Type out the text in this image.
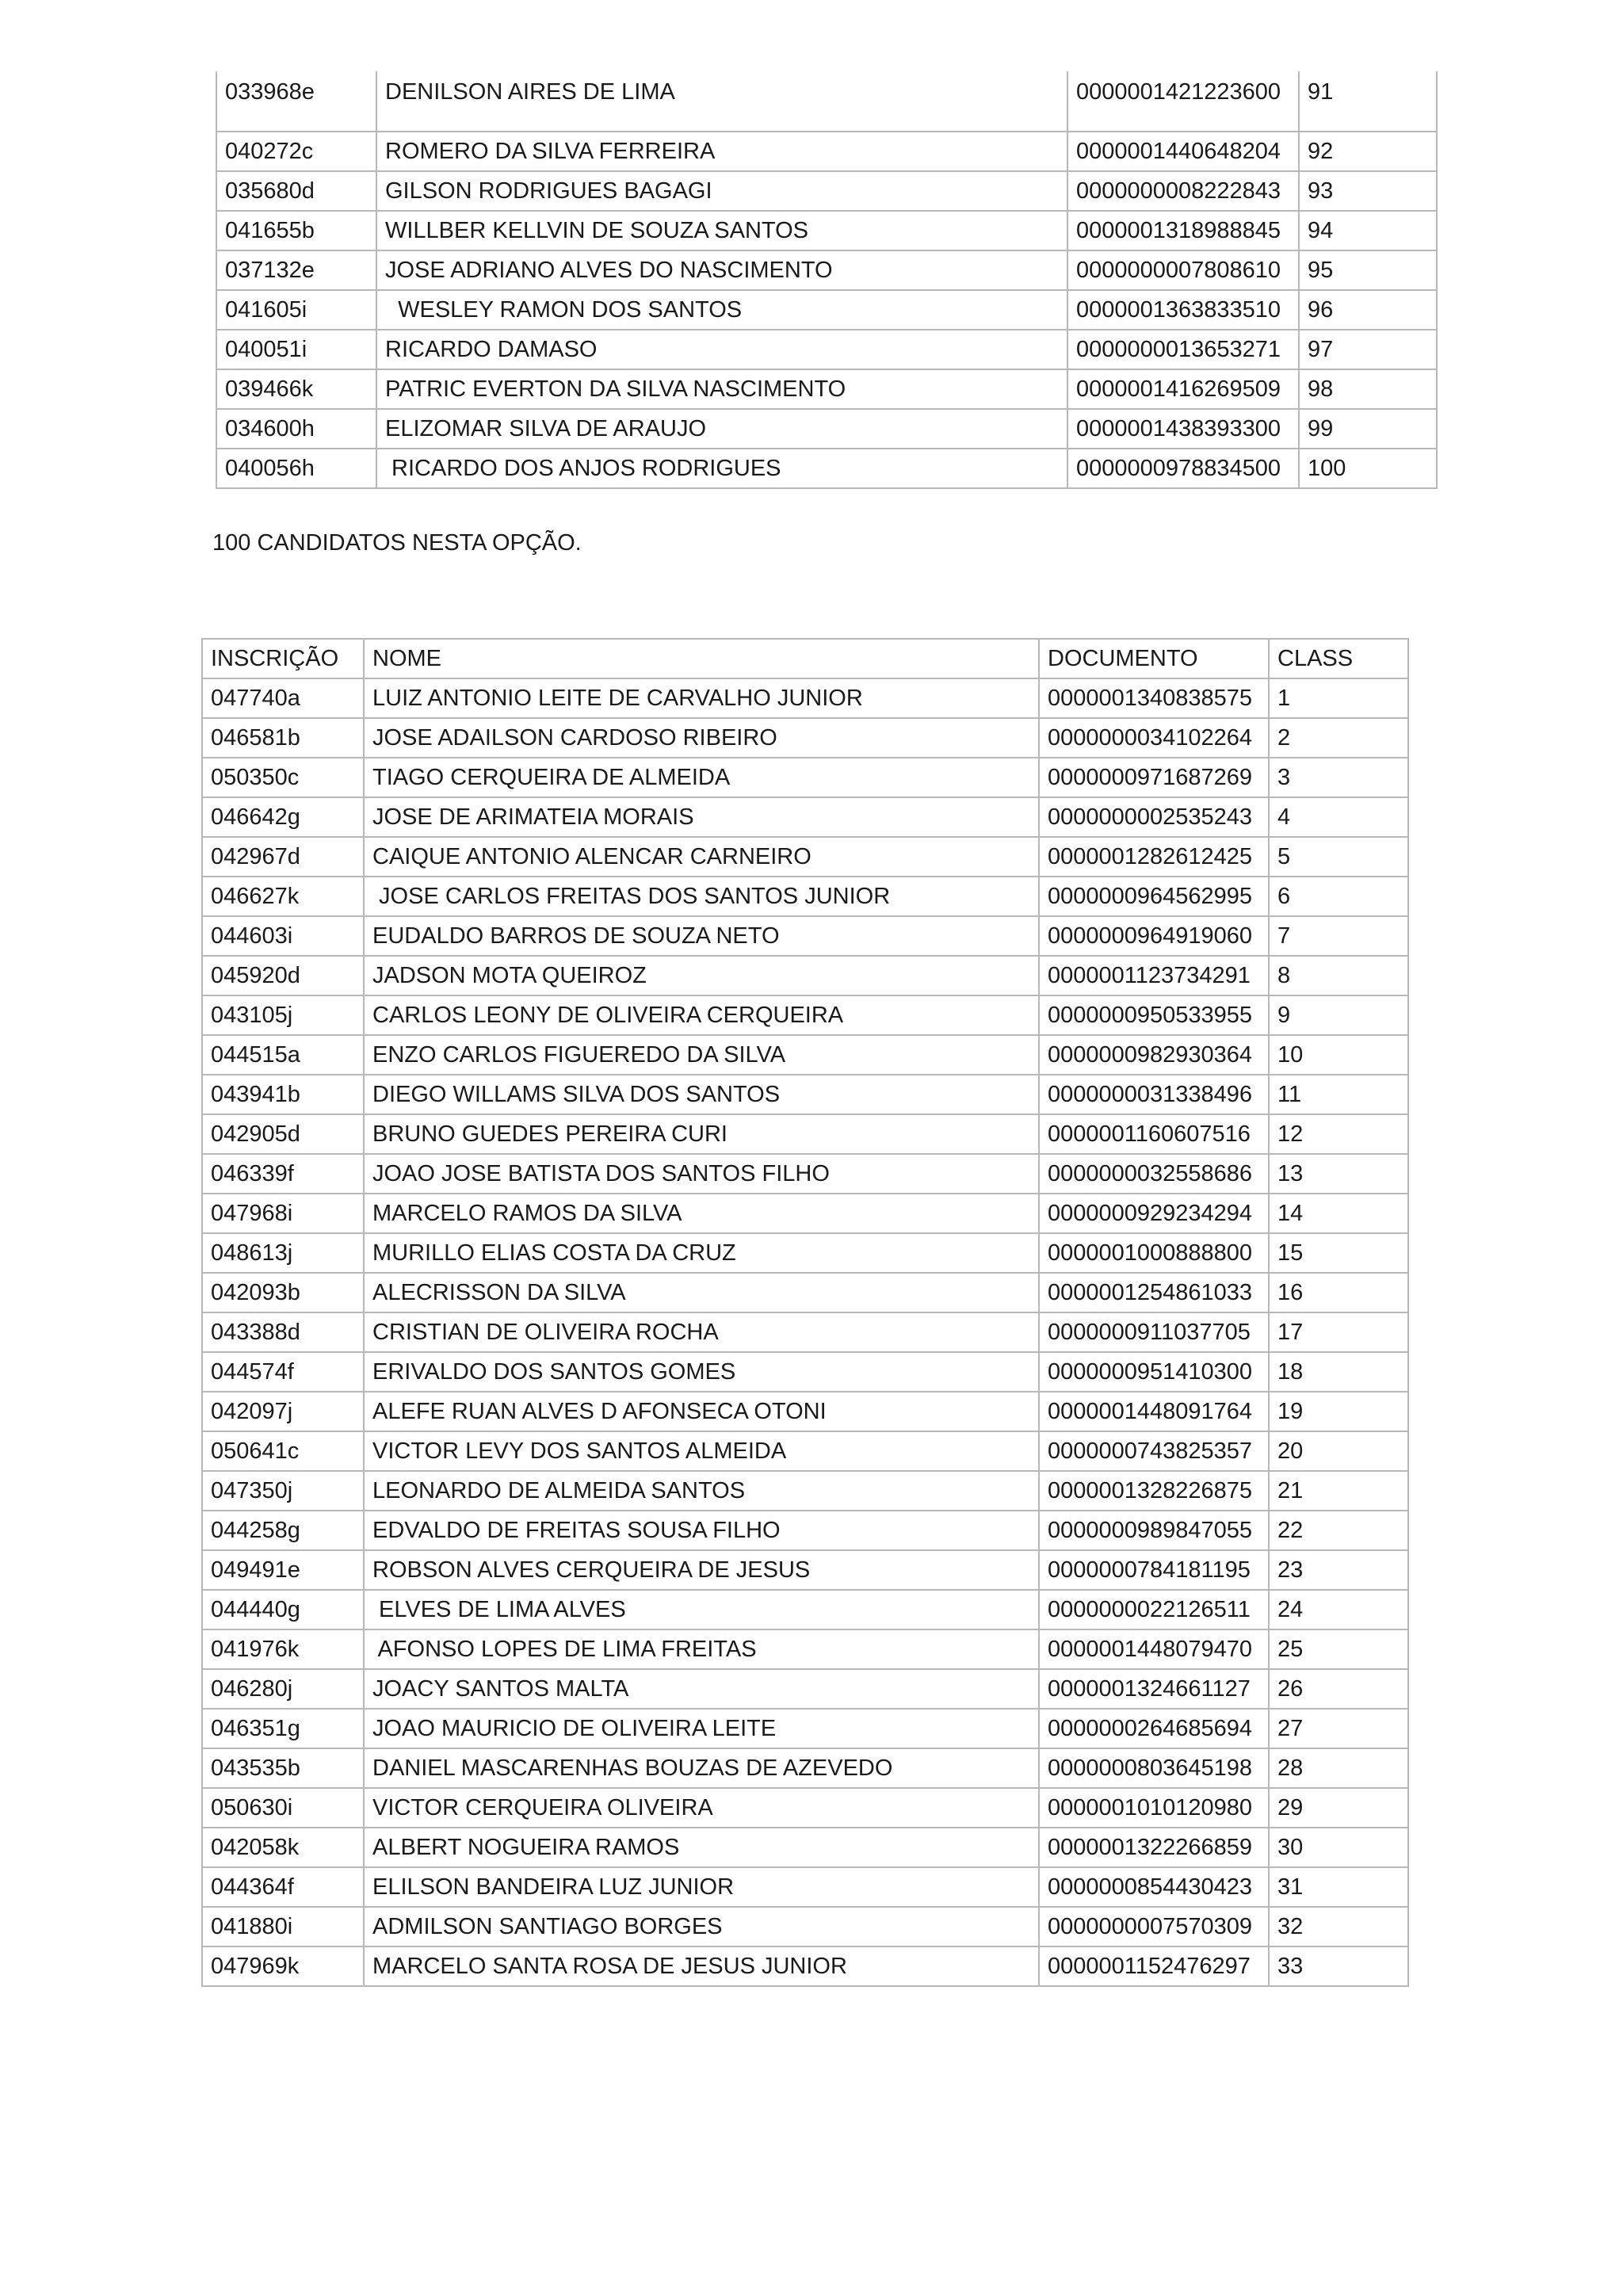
033968e	DENILSON AIRES DE LIMA	0000001421223600	91
040272c	ROMERO DA SILVA FERREIRA	0000001440648204	92
035680d	GILSON RODRIGUES BAGAGI	0000000008222843	93
041655b	WILLBER KELLVIN DE SOUZA SANTOS	0000001318988845	94
037132e	JOSE ADRIANO ALVES DO NASCIMENTO	0000000007808610	95
041605i	WESLEY RAMON DOS SANTOS	0000001363833510	96
040051i	RICARDO DAMASO	0000000013653271	97
039466k	PATRIC EVERTON DA SILVA NASCIMENTO	0000001416269509	98
034600h	ELIZOMAR SILVA DE ARAUJO	0000001438393300	99
040056h	RICARDO DOS ANJOS RODRIGUES	0000000978834500	100
100 CANDIDATOS NESTA OPÇÃO.
INSCRIÇÃO	NOME	DOCUMENTO	CLASS
047740a	LUIZ ANTONIO LEITE DE CARVALHO JUNIOR	0000001340838575	1
046581b	JOSE ADAILSON CARDOSO RIBEIRO	0000000034102264	2
050350c	TIAGO CERQUEIRA DE ALMEIDA	0000000971687269	3
046642g	JOSE DE ARIMATEIA MORAIS	0000000002535243	4
042967d	CAIQUE ANTONIO ALENCAR CARNEIRO	0000001282612425	5
046627k	JOSE CARLOS FREITAS DOS SANTOS JUNIOR	0000000964562995	6
044603i	EUDALDO BARROS DE SOUZA NETO	0000000964919060	7
045920d	JADSON MOTA QUEIROZ	0000001123734291	8
043105j	CARLOS LEONY DE OLIVEIRA CERQUEIRA	0000000950533955	9
044515a	ENZO CARLOS FIGUEREDO DA SILVA	0000000982930364	10
043941b	DIEGO WILLAMS SILVA DOS SANTOS	0000000031338496	11
042905d	BRUNO GUEDES PEREIRA CURI	0000001160607516	12
046339f	JOAO JOSE BATISTA DOS SANTOS FILHO	0000000032558686	13
047968i	MARCELO RAMOS DA SILVA	0000000929234294	14
048613j	MURILLO ELIAS COSTA DA CRUZ	0000001000888800	15
042093b	ALECRISSON DA SILVA	0000001254861033	16
043388d	CRISTIAN DE OLIVEIRA ROCHA	0000000911037705	17
044574f	ERIVALDO DOS SANTOS GOMES	0000000951410300	18
042097j	ALEFE RUAN ALVES D AFONSECA OTONI	0000001448091764	19
050641c	VICTOR LEVY DOS SANTOS ALMEIDA	0000000743825357	20
047350j	LEONARDO DE ALMEIDA SANTOS	0000001328226875	21
044258g	EDVALDO DE FREITAS SOUSA FILHO	0000000989847055	22
049491e	ROBSON ALVES CERQUEIRA DE JESUS	0000000784181195	23
044440g	ELVES DE LIMA ALVES	0000000022126511	24
041976k	AFONSO LOPES DE LIMA FREITAS	0000001448079470	25
046280j	JOACY SANTOS MALTA	0000001324661127	26
046351g	JOAO MAURICIO DE OLIVEIRA LEITE	0000000264685694	27
043535b	DANIEL MASCARENHAS BOUZAS DE AZEVEDO	0000000803645198	28
050630i	VICTOR CERQUEIRA OLIVEIRA	0000001010120980	29
042058k	ALBERT NOGUEIRA RAMOS	0000001322266859	30
044364f	ELILSON BANDEIRA LUZ JUNIOR	0000000854430423	31
041880i	ADMILSON SANTIAGO BORGES	0000000007570309	32
047969k	MARCELO SANTA ROSA DE JESUS JUNIOR	0000001152476297	33
